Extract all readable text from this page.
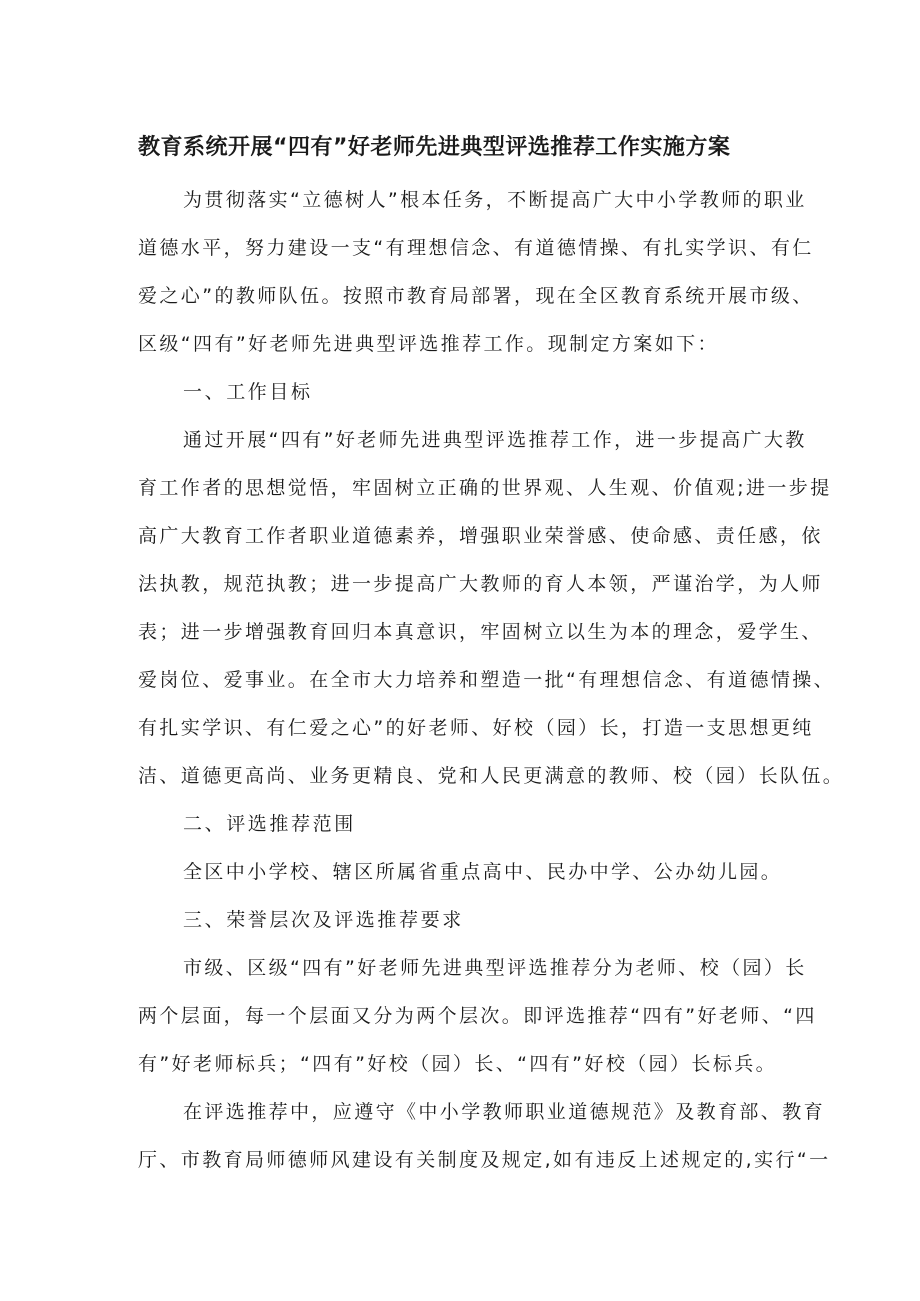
教育系统开展“四有”好老师先进典型评选推荐工作实施方案
为贯彻落实“立德树人”根本任务，不断提高广大中小学教师的职业
道德水平，努力建设一支“有理想信念、有道德情操、有扎实学识、有仁
爱之心”的教师队伍。按照市教育局部署，现在全区教育系统开展市级、
区级“四有”好老师先进典型评选推荐工作。现制定方案如下：
一、工作目标
通过开展“四有”好老师先进典型评选推荐工作，进一步提高广大教
育工作者的思想觉悟，牢固树立正确的世界观、人生观、价值观;进一步提
高广大教育工作者职业道德素养，增强职业荣誉感、使命感、责任感，依
法执教，规范执教；进一步提高广大教师的育人本领，严谨治学，为人师
表；进一步增强教育回归本真意识，牢固树立以生为本的理念，爱学生、
爱岗位、爱事业。在全市大力培养和塑造一批“有理想信念、有道德情操、
有扎实学识、有仁爱之心”的好老师、好校（园）长，打造一支思想更纯
洁、道德更高尚、业务更精良、党和人民更满意的教师、校（园）长队伍。
二、评选推荐范围
全区中小学校、辖区所属省重点高中、民办中学、公办幼儿园。
三、荣誉层次及评选推荐要求
市级、区级“四有”好老师先进典型评选推荐分为老师、校（园）长
两个层面，每一个层面又分为两个层次。即评选推荐“四有”好老师、“四
有”好老师标兵；“四有”好校（园）长、“四有”好校（园）长标兵。
在评选推荐中，应遵守《中小学教师职业道德规范》及教育部、教育
厅、市教育局师德师风建设有关制度及规定,如有违反上述规定的,实行“一
